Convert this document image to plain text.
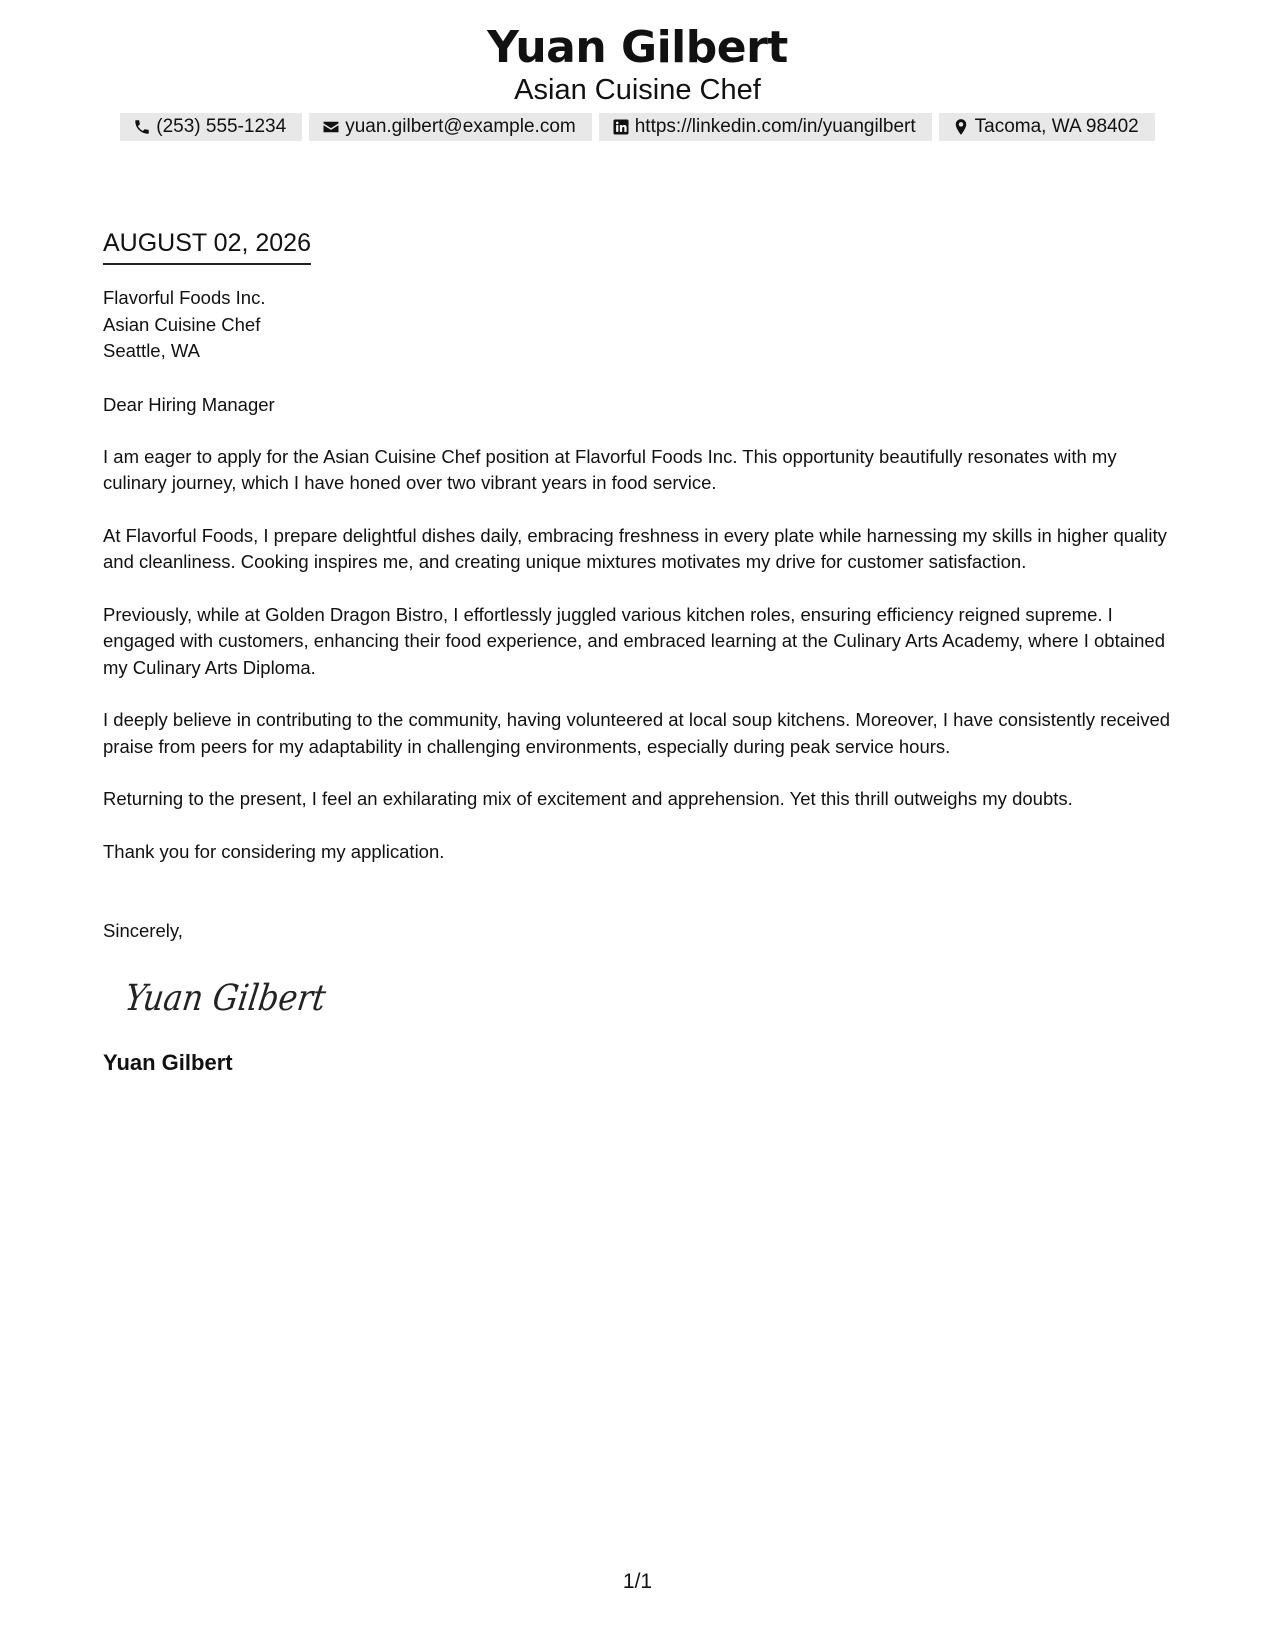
Yuan Gilbert
Asian Cuisine Chef
(253) 555-1234	yuan.gilbert@example.com	https://linkedin.com/in/yuangilbert	Tacoma, WA 98402
AUGUST 02, 2026
Flavorful Foods Inc.
Asian Cuisine Chef
Seattle, WA
Dear Hiring Manager
I am eager to apply for the Asian Cuisine Chef position at Flavorful Foods Inc. This opportunity beautifully resonates with my culinary journey, which I have honed over two vibrant years in food service.
At Flavorful Foods, I prepare delightful dishes daily, embracing freshness in every plate while harnessing my skills in higher quality and cleanliness. Cooking inspires me, and creating unique mixtures motivates my drive for customer satisfaction.
Previously, while at Golden Dragon Bistro, I effortlessly juggled various kitchen roles, ensuring efficiency reigned supreme. I engaged with customers, enhancing their food experience, and embraced learning at the Culinary Arts Academy, where I obtained my Culinary Arts Diploma.
I deeply believe in contributing to the community, having volunteered at local soup kitchens. Moreover, I have consistently received praise from peers for my adaptability in challenging environments, especially during peak service hours.
Returning to the present, I feel an exhilarating mix of excitement and apprehension. Yet this thrill outweighs my doubts.
Thank you for considering my application.
Sincerely,
Yuan Gilbert
Yuan Gilbert
1/1
